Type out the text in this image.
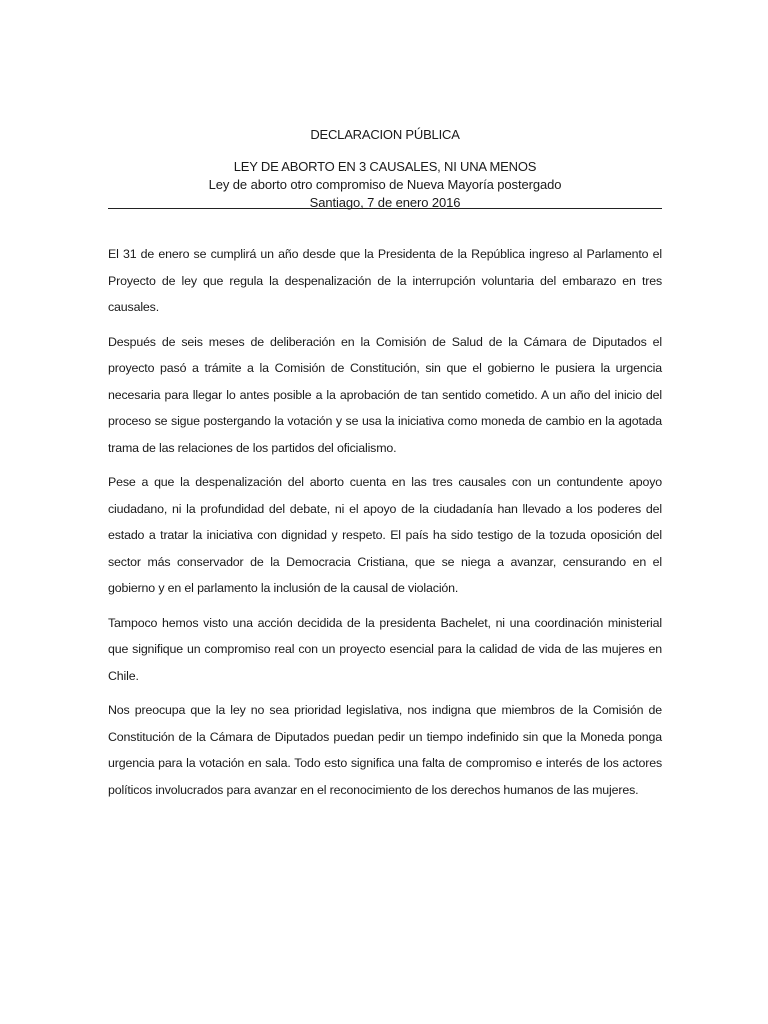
DECLARACION PÚBLICA

LEY DE ABORTO EN 3 CAUSALES, NI UNA MENOS

Ley de aborto otro compromiso de Nueva Mayoría postergado

Santiago, 7 de enero 2016

El 31 de enero se cumplirá un año desde que la Presidenta de la República ingreso al Parlamento el Proyecto de ley que regula la despenalización de la interrupción voluntaria del embarazo en tres causales.

Después de seis meses de deliberación en la Comisión de Salud de la Cámara de Diputados el proyecto pasó a trámite a la Comisión de Constitución, sin que el gobierno le pusiera la urgencia necesaria para llegar lo antes posible a la aprobación de tan sentido cometido. A un año del inicio del proceso se sigue postergando la votación y se usa la iniciativa como moneda de cambio en la agotada trama de las relaciones de los partidos del oficialismo.

Pese a que la despenalización del aborto cuenta en las tres causales con un contundente apoyo ciudadano, ni la profundidad del debate, ni el apoyo de la ciudadanía han llevado a los poderes del estado a tratar la iniciativa con dignidad y respeto. El país ha sido testigo de la tozuda oposición del sector más conservador de la Democracia Cristiana, que se niega a avanzar, censurando en el gobierno y en el parlamento la inclusión de la causal de violación.

Tampoco hemos visto una acción decidida de la presidenta Bachelet, ni una coordinación ministerial que signifique un compromiso real con un proyecto esencial para la calidad de vida de las mujeres en Chile.

Nos preocupa que la ley no sea prioridad legislativa, nos indigna que miembros de la Comisión de Constitución de la Cámara de Diputados puedan pedir un tiempo indefinido sin que la Moneda ponga urgencia para la votación en sala. Todo esto significa una falta de compromiso e interés de los actores políticos involucrados para avanzar en el reconocimiento de los derechos humanos de las mujeres.
